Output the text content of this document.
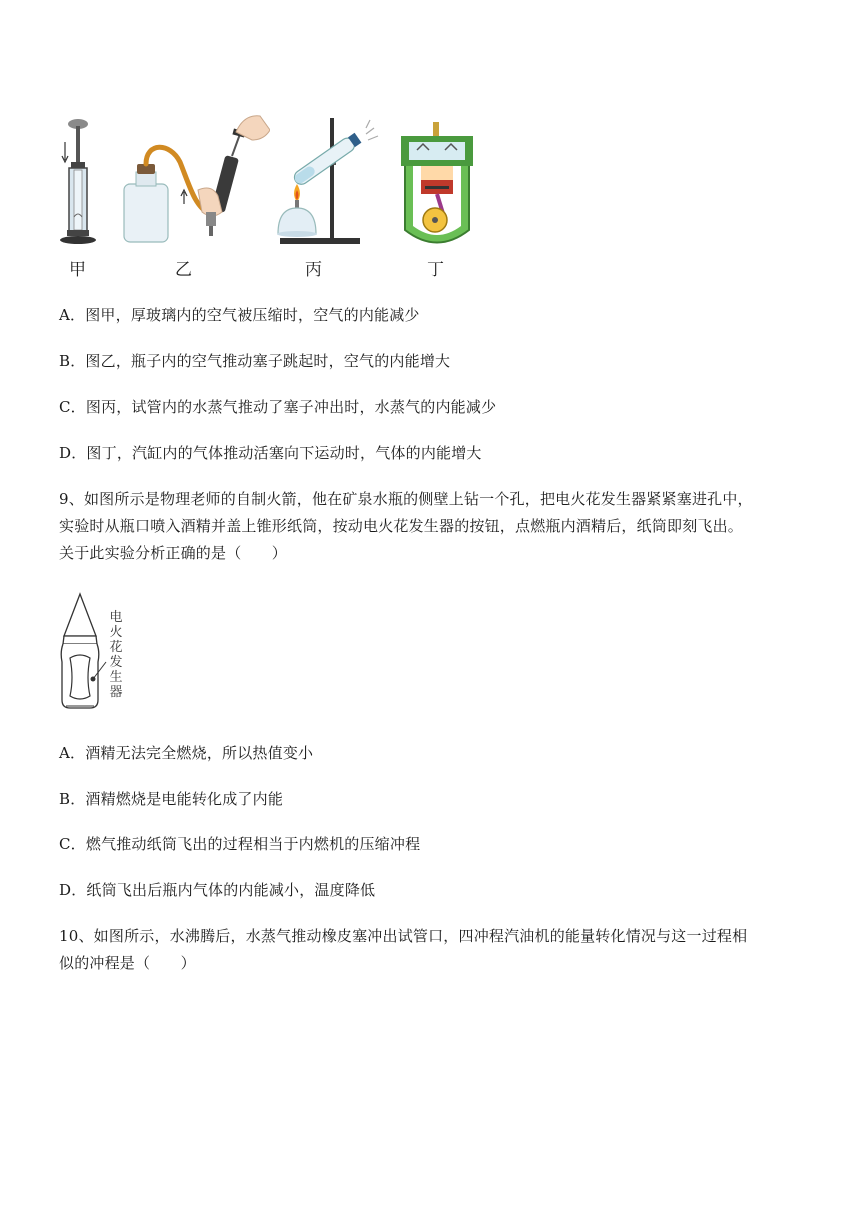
甲	乙	丙	丁
A．图甲，厚玻璃内的空气被压缩时，空气的内能减少
B．图乙，瓶子内的空气推动塞子跳起时，空气的内能增大
C．图丙，试管内的水蒸气推动了塞子冲出时，水蒸气的内能减少
D．图丁，汽缸内的气体推动活塞向下运动时，气体的内能增大
9、如图所示是物理老师的自制火箭，他在矿泉水瓶的侧壁上钻一个孔，把电火花发生器紧紧塞进孔中，
实验时从瓶口喷入酒精并盖上锥形纸筒，按动电火花发生器的按钮，点燃瓶内酒精后，纸筒即刻飞出。
关于此实验分析正确的是（　　）
电
火
花
发
生
器
A．酒精无法完全燃烧，所以热值变小
B．酒精燃烧是电能转化成了内能
C．燃气推动纸筒飞出的过程相当于内燃机的压缩冲程
D．纸筒飞出后瓶内气体的内能减小，温度降低
10、如图所示，水沸腾后，水蒸气推动橡皮塞冲出试管口，四冲程汽油机的能量转化情况与这一过程相
似的冲程是（　　）
